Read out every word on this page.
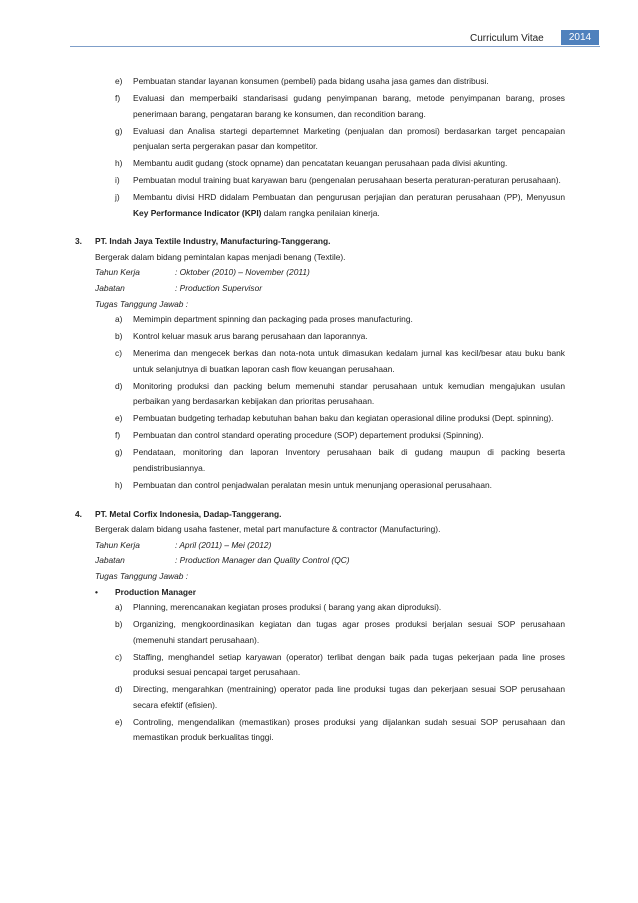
Curriculum Vitae	2014
e) Pembuatan standar layanan konsumen (pembeli) pada bidang usaha jasa games dan distribusi.
f) Evaluasi dan memperbaiki standarisasi gudang penyimpanan barang, metode penyimpanan barang, proses penerimaan barang, pengataran barang ke konsumen, dan recondition barang.
g) Evaluasi dan Analisa startegi departemnet Marketing (penjualan dan promosi) berdasarkan target pencapaian penjualan serta pergerakan pasar dan kompetitor.
h) Membantu audit gudang (stock opname) dan pencatatan keuangan perusahaan pada divisi akunting.
i) Pembuatan modul training buat karyawan baru (pengenalan perusahaan beserta peraturan-peraturan perusahaan).
j) Membantu divisi HRD didalam Pembuatan dan pengurusan perjajian dan peraturan perusahaan (PP), Menyusun Key Performance Indicator (KPI) dalam rangka penilaian kinerja.
3. PT. Indah Jaya Textile Industry, Manufacturing-Tanggerang.
Bergerak dalam bidang pemintalan kapas menjadi benang (Textile).
Tahun Kerja	: Oktober (2010) – November (2011)
Jabatan	: Production Supervisor
Tugas Tanggung Jawab :
a) Memimpin department spinning dan packaging pada proses manufacturing.
b) Kontrol keluar masuk arus barang perusahaan dan laporannya.
c) Menerima dan mengecek berkas dan nota-nota untuk dimasukan kedalam jurnal kas kecil/besar atau buku bank untuk selanjutnya di buatkan laporan cash flow keuangan perusahaan.
d) Monitoring produksi dan packing belum memenuhi standar perusahaan untuk kemudian mengajukan usulan perbaikan yang berdasarkan kebijakan dan prioritas perusahaan.
e) Pembuatan budgeting terhadap kebutuhan bahan baku dan kegiatan operasional diline produksi (Dept. spinning).
f) Pembuatan dan control standard operating procedure (SOP) departement produksi (Spinning).
g) Pendataan, monitoring dan laporan Inventory perusahaan baik di gudang maupun di packing beserta pendistribusiannya.
h) Pembuatan dan control penjadwalan peralatan mesin untuk menunjang operasional perusahaan.
4. PT. Metal Corfix Indonesia, Dadap-Tanggerang.
Bergerak dalam bidang usaha fastener, metal part manufacture & contractor (Manufacturing).
Tahun Kerja	: April (2011) – Mei (2012)
Jabatan	: Production Manager dan Quality Control (QC)
Tugas Tanggung Jawab :
• Production Manager
a) Planning, merencanakan kegiatan proses produksi ( barang yang akan diproduksi).
b) Organizing, mengkoordinasikan kegiatan dan tugas agar proses produksi berjalan sesuai SOP perusahaan (memenuhi standart perusahaan).
c) Staffing, menghandel setiap karyawan (operator) terlibat dengan baik pada tugas pekerjaan pada line proses produksi sesuai pencapai target perusahaan.
d) Directing, mengarahkan (mentraining) operator pada line produksi tugas dan pekerjaan sesuai SOP perusahaan secara efektif (efisien).
e) Controling, mengendalikan (memastikan) proses produksi yang dijalankan sudah sesuai SOP perusahaan dan memastikan produk berkualitas tinggi.
